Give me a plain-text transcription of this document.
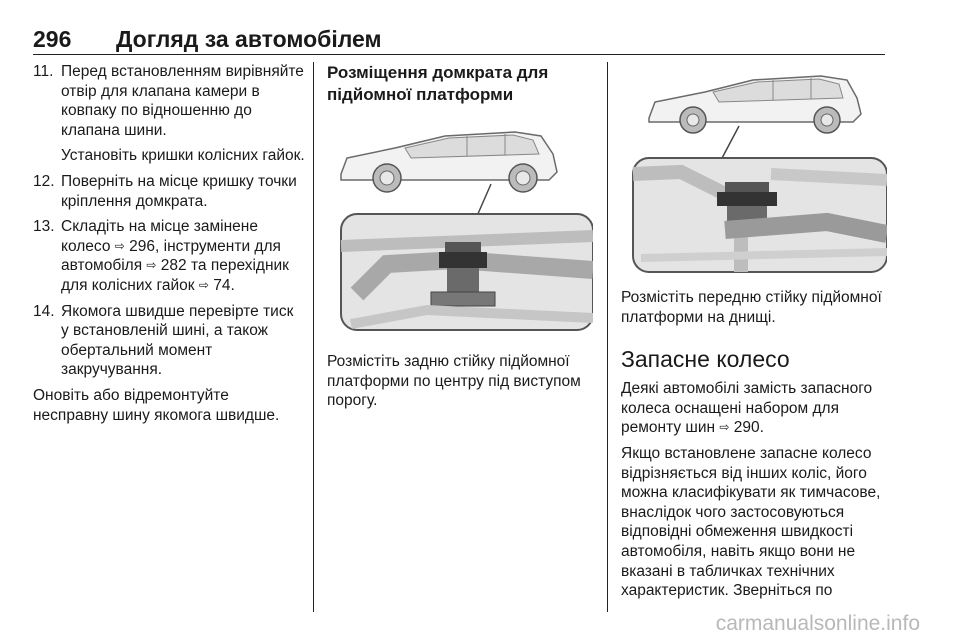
296 Догляд за автомобілем
11. Перед встановленням вирівняйте отвір для клапана камери в ковпаку по відношенню до клапана шини.
Установіть кришки колісних гайок.
12. Поверніть на місце кришку точки кріплення домкрата.
13. Складіть на місце замінене колесо ⇨ 296, інструменти для автомобіля ⇨ 282 та перехідник для колісних гайок ⇨ 74.
14. Якомога швидше перевірте тиск у встановленій шині, а також обертальний момент закручування.

Оновіть або відремонтуйте несправну шину якомога швидше.

Розміщення домкрата для підйомної платформи

Розмістіть задню стійку підйомної платформи по центру під виступом порогу.

Розмістіть передню стійку підйомної платформи на днищі.

Запасне колесо

Деякі автомобілі замість запасного колеса оснащені набором для ремонту шин ⇨ 290.

Якщо встановлене запасне колесо відрізняється від інших коліс, його можна класифікувати як тимчасове, внаслідок чого застосовуються відповідні обмеження швидкості автомобіля, навіть якщо вони не вказані в табличках технічних характеристик. Зверніться по

carmanualsonline.info
